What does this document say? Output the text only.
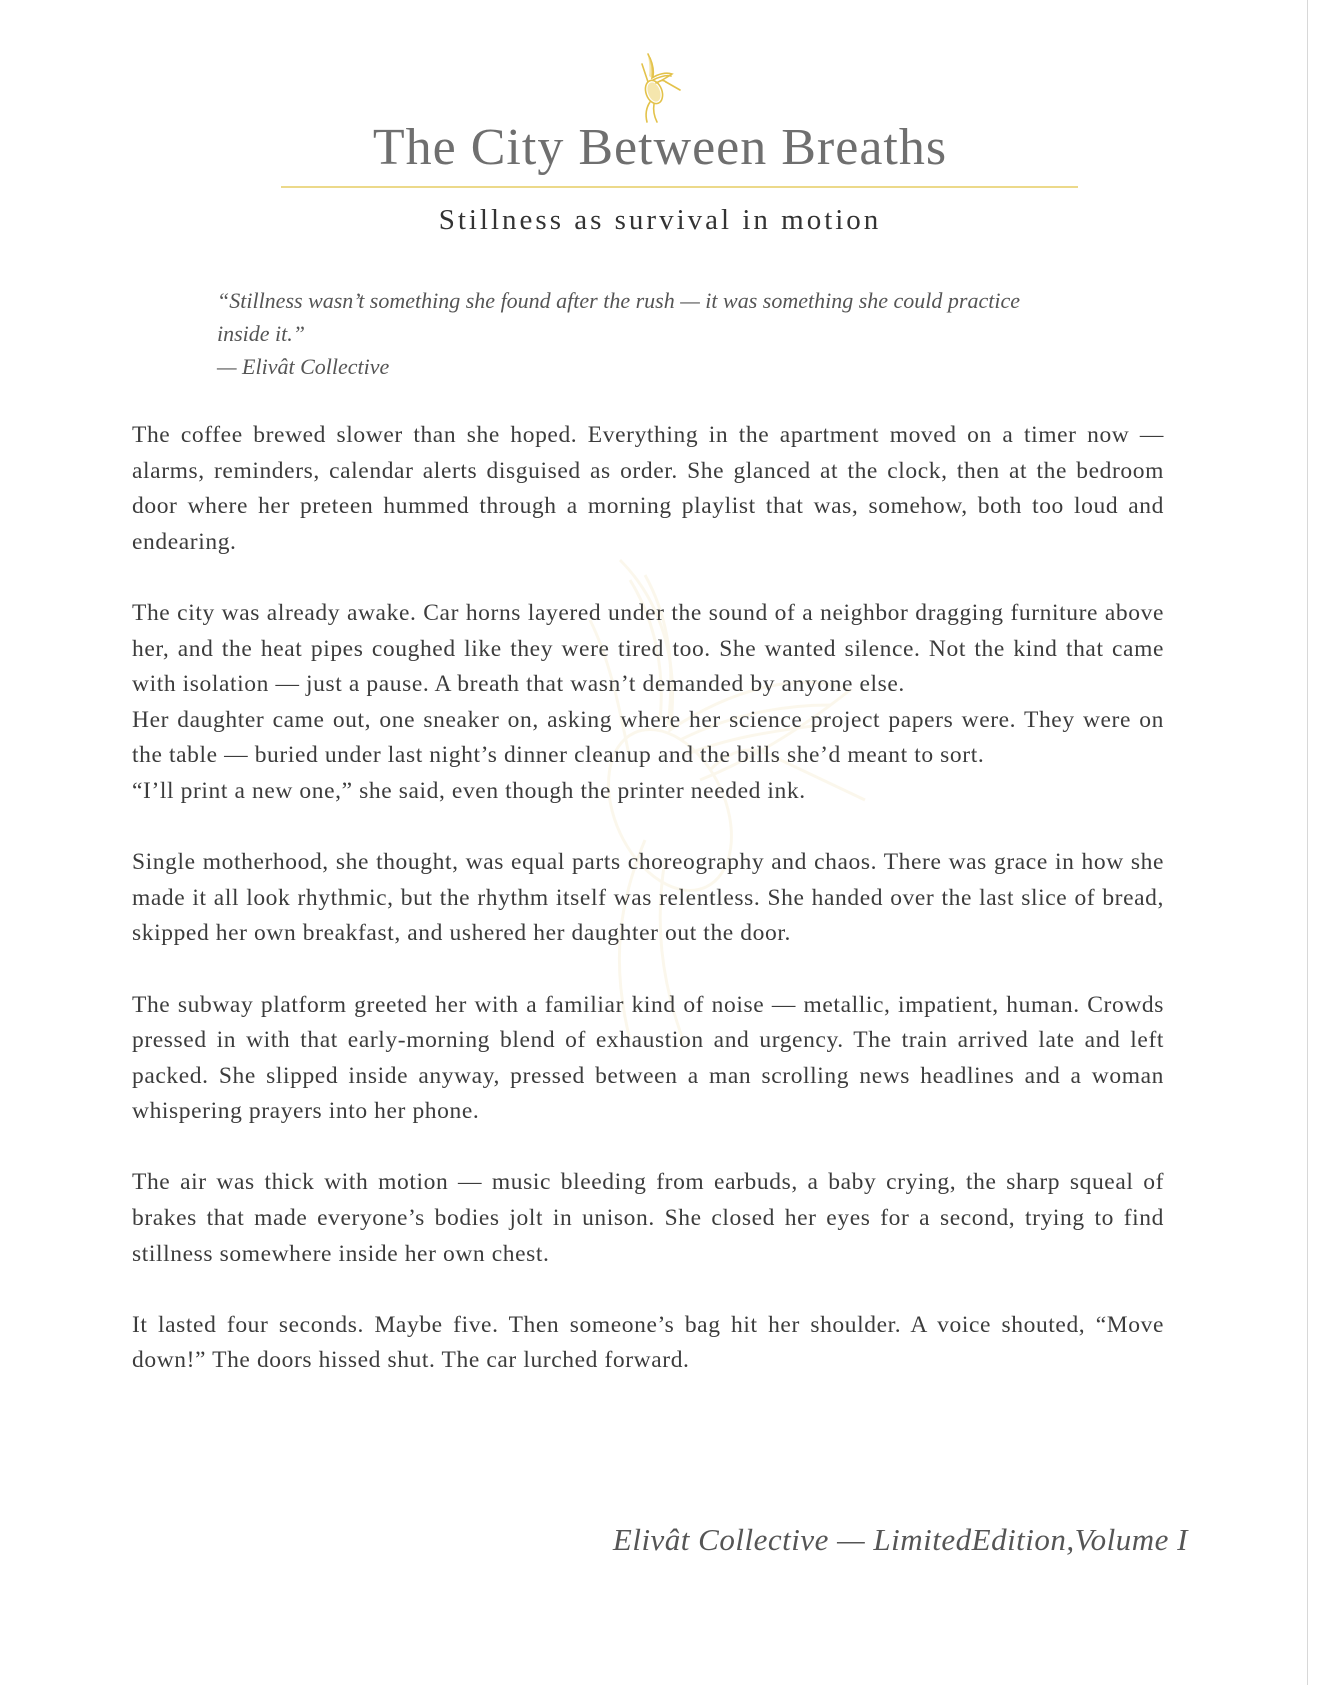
The City Between Breaths
Stillness as survival in motion
“Stillness wasn’t something she found after the rush — it was something she could practice inside it.”
— Elivât Collective

The coffee brewed slower than she hoped. Everything in the apartment moved on a timer now — alarms, reminders, calendar alerts disguised as order. She glanced at the clock, then at the bedroom door where her preteen hummed through a morning playlist that was, somehow, both too loud and endearing.

The city was already awake. Car horns layered under the sound of a neighbor dragging furniture above her, and the heat pipes coughed like they were tired too. She wanted silence. Not the kind that came with isolation — just a pause. A breath that wasn’t demanded by anyone else.

Her daughter came out, one sneaker on, asking where her science project papers were. They were on the table — buried under last night’s dinner cleanup and the bills she’d meant to sort.

“I’ll print a new one,” she said, even though the printer needed ink.

Single motherhood, she thought, was equal parts choreography and chaos. There was grace in how she made it all look rhythmic, but the rhythm itself was relentless. She handed over the last slice of bread, skipped her own breakfast, and ushered her daughter out the door.

The subway platform greeted her with a familiar kind of noise — metallic, impatient, human. Crowds pressed in with that early-morning blend of exhaustion and urgency. The train arrived late and left packed. She slipped inside anyway, pressed between a man scrolling news headlines and a woman whispering prayers into her phone.

The air was thick with motion — music bleeding from earbuds, a baby crying, the sharp squeal of brakes that made everyone’s bodies jolt in unison. She closed her eyes for a second, trying to find stillness somewhere inside her own chest.

It lasted four seconds. Maybe five. Then someone’s bag hit her shoulder. A voice shouted, “Move down!” The doors hissed shut. The car lurched forward.

Elivât Collective — LimitedEdition,Volume I
